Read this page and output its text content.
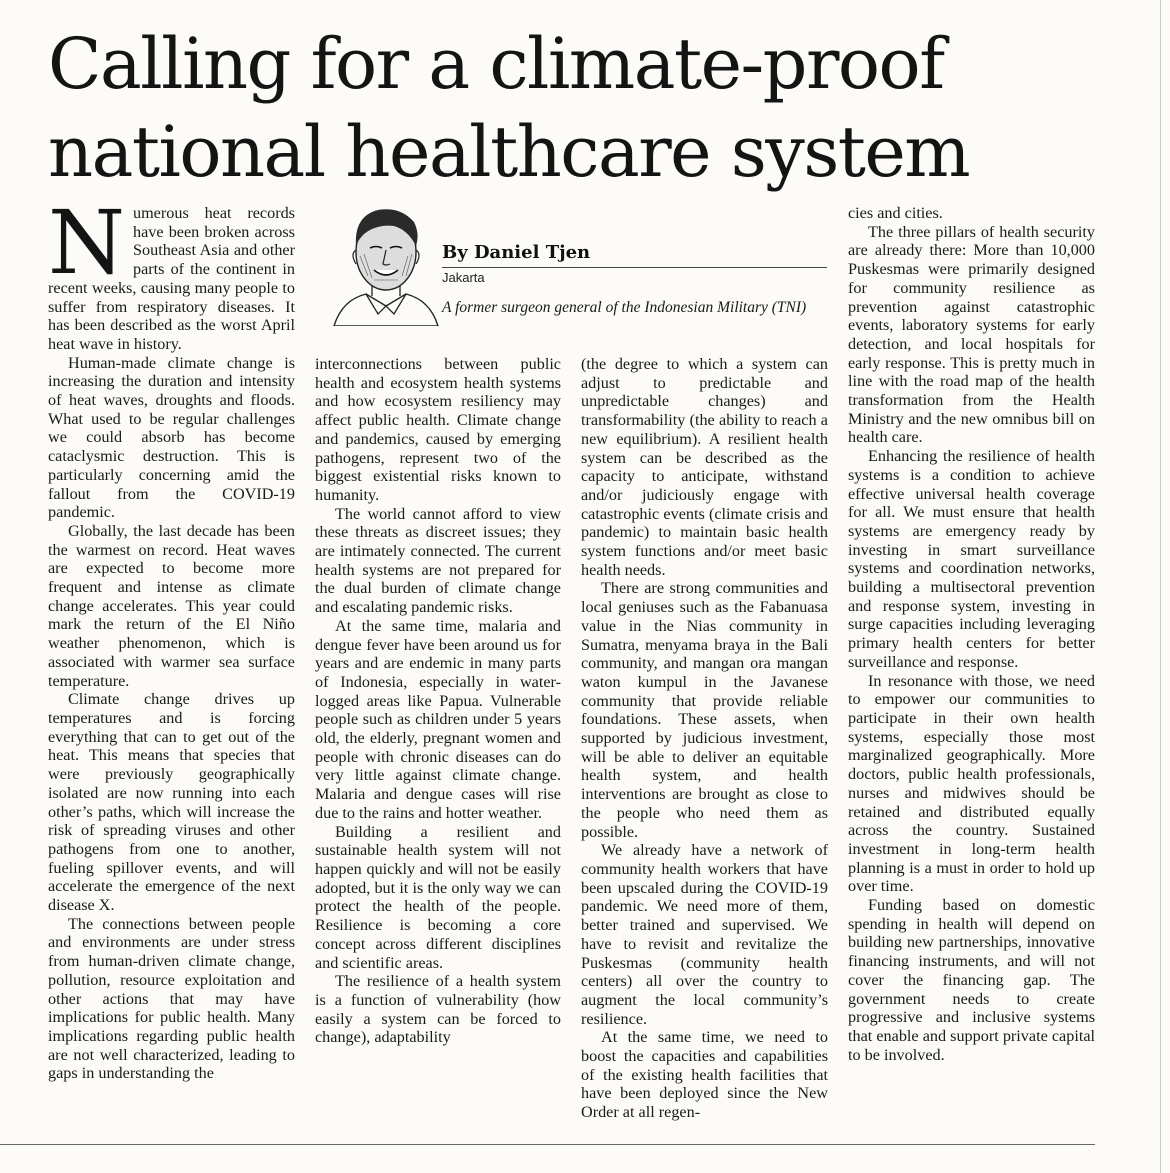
Calling for a climate-proof national healthcare system

Numerous heat records have been broken across Southeast Asia and other parts of the continent in recent weeks, causing many people to suffer from respiratory diseases. It has been described as the worst April heat wave in history.

Human-made climate change is increasing the duration and intensity of heat waves, droughts and floods. What used to be regular challenges we could absorb has become cataclysmic destruction. This is particularly concerning amid the fallout from the COVID-19 pandemic.

Globally, the last decade has been the warmest on record. Heat waves are expected to become more frequent and intense as climate change accelerates. This year could mark the return of the El Niño weather phenomenon, which is associated with warmer sea surface temperature.

Climate change drives up temperatures and is forcing everything that can to get out of the heat. This means that species that were previously geographically isolated are now running into each other’s paths, which will increase the risk of spreading viruses and other pathogens from one to another, fueling spillover events, and will accelerate the emergence of the next disease X.

The connections between people and environments are under stress from human-driven climate change, pollution, resource exploitation and other actions that may have implications for public health. Many implications regarding public health are not well characterized, leading to gaps in understanding the

By Daniel Tjen
Jakarta
A former surgeon general of the Indonesian Military (TNI)

interconnections between public health and ecosystem health systems and how ecosystem resiliency may affect public health. Climate change and pandemics, caused by emerging pathogens, represent two of the biggest existential risks known to humanity.

The world cannot afford to view these threats as discreet issues; they are intimately connected. The current health systems are not prepared for the dual burden of climate change and escalating pandemic risks.

At the same time, malaria and dengue fever have been around us for years and are endemic in many parts of Indonesia, especially in water-logged areas like Papua. Vulnerable people such as children under 5 years old, the elderly, pregnant women and people with chronic diseases can do very little against climate change. Malaria and dengue cases will rise due to the rains and hotter weather.

Building a resilient and sustainable health system will not happen quickly and will not be easily adopted, but it is the only way we can protect the health of the people. Resilience is becoming a core concept across different disciplines and scientific areas.

The resilience of a health system is a function of vulnerability (how easily a system can be forced to change), adaptability

(the degree to which a system can adjust to predictable and unpredictable changes) and transformability (the ability to reach a new equilibrium). A resilient health system can be described as the capacity to anticipate, withstand and/or judiciously engage with catastrophic events (climate crisis and pandemic) to maintain basic health system functions and/or meet basic health needs.

There are strong communities and local geniuses such as the Fabanuasa value in the Nias community in Sumatra, menyama braya in the Bali community, and mangan ora mangan waton kumpul in the Javanese community that provide reliable foundations. These assets, when supported by judicious investment, will be able to deliver an equitable health system, and health interventions are brought as close to the people who need them as possible.

We already have a network of community health workers that have been upscaled during the COVID-19 pandemic. We need more of them, better trained and supervised. We have to revisit and revitalize the Puskesmas (community health centers) all over the country to augment the local community’s resilience.

At the same time, we need to boost the capacities and capabilities of the existing health facilities that have been deployed since the New Order at all regen-

cies and cities.

The three pillars of health security are already there: More than 10,000 Puskesmas were primarily designed for community resilience as prevention against catastrophic events, laboratory systems for early detection, and local hospitals for early response. This is pretty much in line with the road map of the health transformation from the Health Ministry and the new omnibus bill on health care.

Enhancing the resilience of health systems is a condition to achieve effective universal health coverage for all. We must ensure that health systems are emergency ready by investing in smart surveillance systems and coordination networks, building a multisectoral prevention and response system, investing in surge capacities including leveraging primary health centers for better surveillance and response.

In resonance with those, we need to empower our communities to participate in their own health systems, especially those most marginalized geographically. More doctors, public health professionals, nurses and midwives should be retained and distributed equally across the country. Sustained investment in long-term health planning is a must in order to hold up over time.

Funding based on domestic spending in health will depend on building new partnerships, innovative financing instruments, and will not cover the financing gap. The government needs to create progressive and inclusive systems that enable and support private capital to be involved.
